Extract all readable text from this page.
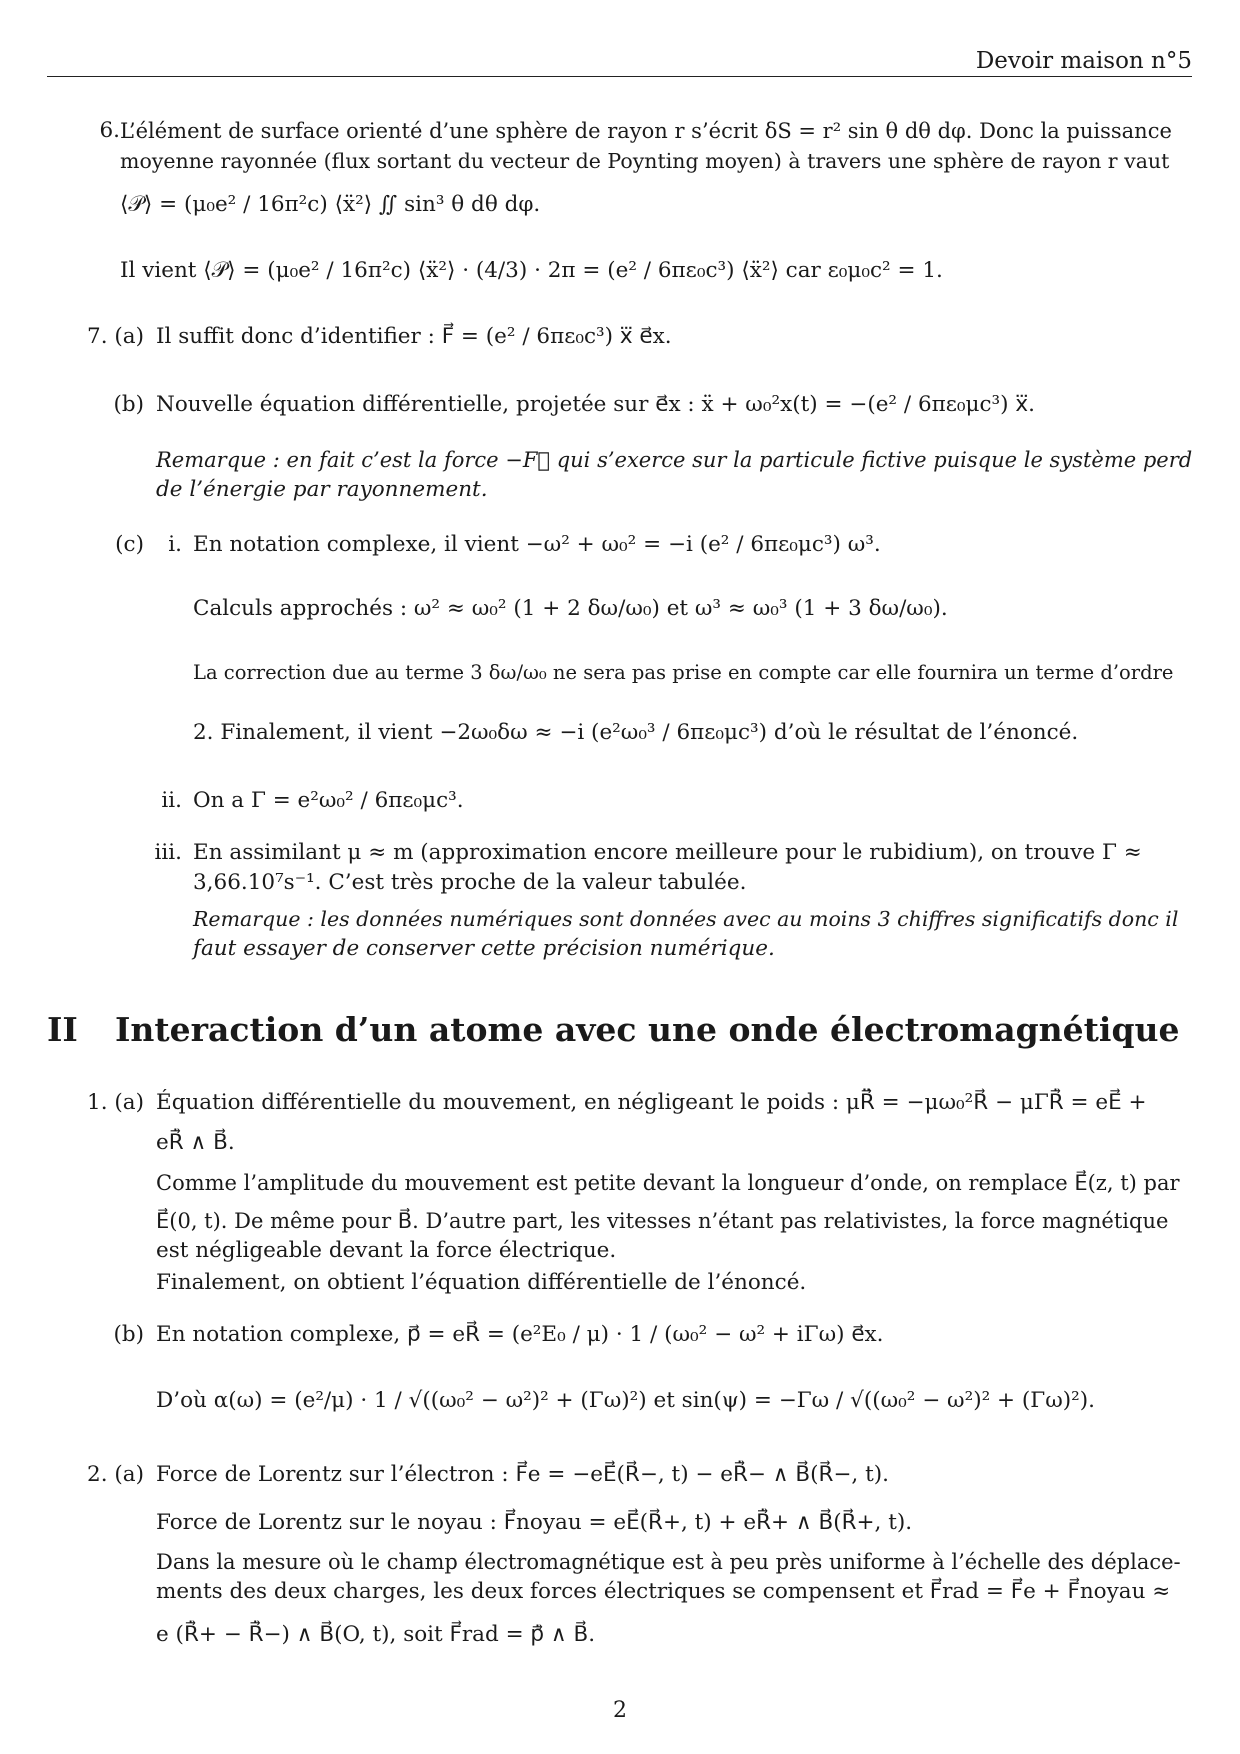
Devoir maison n°5
6. L’élément de surface orienté d’une sphère de rayon r s’écrit δS = r² sin θ dθ dφ. Donc la puissance
moyenne rayonnée (flux sortant du vecteur de Poynting moyen) à travers une sphère de rayon r vaut
⟨𝒫⟩ = (μ₀e² / 16π²c) ⟨ẍ²⟩ ∬ sin³ θ dθ dφ.
Il vient ⟨𝒫⟩ = (μ₀e² / 16π²c) ⟨ẍ²⟩ · (4/3) · 2π = (e² / 6πε₀c³) ⟨ẍ²⟩ car ε₀μ₀c² = 1.
7. (a) Il suffit donc d’identifier : F⃗ = (e² / 6πε₀c³) x⃛ e⃗x.
(b) Nouvelle équation différentielle, projetée sur e⃗x : ẍ + ω₀²x(t) = −(e² / 6πε₀μc³) x⃛.
Remarque : en fait c’est la force −F⃗ qui s’exerce sur la particule fictive puisque le système perd
de l’énergie par rayonnement.
(c) i. En notation complexe, il vient −ω² + ω₀² = −i (e² / 6πε₀μc³) ω³.
Calculs approchés : ω² ≈ ω₀² (1 + 2 δω/ω₀) et ω³ ≈ ω₀³ (1 + 3 δω/ω₀).
La correction due au terme 3 δω/ω₀ ne sera pas prise en compte car elle fournira un terme d’ordre
2. Finalement, il vient −2ω₀δω ≈ −i (e²ω₀³ / 6πε₀μc³) d’où le résultat de l’énoncé.
ii. On a Γ = e²ω₀² / 6πε₀μc³.
iii. En assimilant μ ≈ m (approximation encore meilleure pour le rubidium), on trouve Γ ≈
3,66.10⁷s⁻¹. C’est très proche de la valeur tabulée.
Remarque : les données numériques sont données avec au moins 3 chiffres significatifs donc il
faut essayer de conserver cette précision numérique.
II Interaction d’un atome avec une onde électromagnétique
1. (a) Équation différentielle du mouvement, en négligeant le poids : μR⃗̈ = −μω₀²R⃗ − μΓR⃗̇ = eE⃗ +
eR⃗̇ ∧ B⃗.
Comme l’amplitude du mouvement est petite devant la longueur d’onde, on remplace E⃗(z, t) par
E⃗(0, t). De même pour B⃗. D’autre part, les vitesses n’étant pas relativistes, la force magnétique
est négligeable devant la force électrique.
Finalement, on obtient l’équation différentielle de l’énoncé.
(b) En notation complexe, p⃗ = eR⃗ = (e²E₀ / μ) · 1 / (ω₀² − ω² + iΓω) e⃗x.
D’où α(ω) = (e²/μ) · 1 / √((ω₀² − ω²)² + (Γω)²) et sin(ψ) = −Γω / √((ω₀² − ω²)² + (Γω)²).
2. (a) Force de Lorentz sur l’électron : F⃗e = −eE⃗(R⃗−, t) − eR⃗̇− ∧ B⃗(R⃗−, t).
Force de Lorentz sur le noyau : F⃗noyau = eE⃗(R⃗+, t) + eR⃗̇+ ∧ B⃗(R⃗+, t).
Dans la mesure où le champ électromagnétique est à peu près uniforme à l’échelle des déplace-
ments des deux charges, les deux forces électriques se compensent et F⃗rad = F⃗e + F⃗noyau ≈
e (R⃗̇+ − R⃗̇−) ∧ B⃗(O, t), soit F⃗rad = p⃗̇ ∧ B⃗.
2
